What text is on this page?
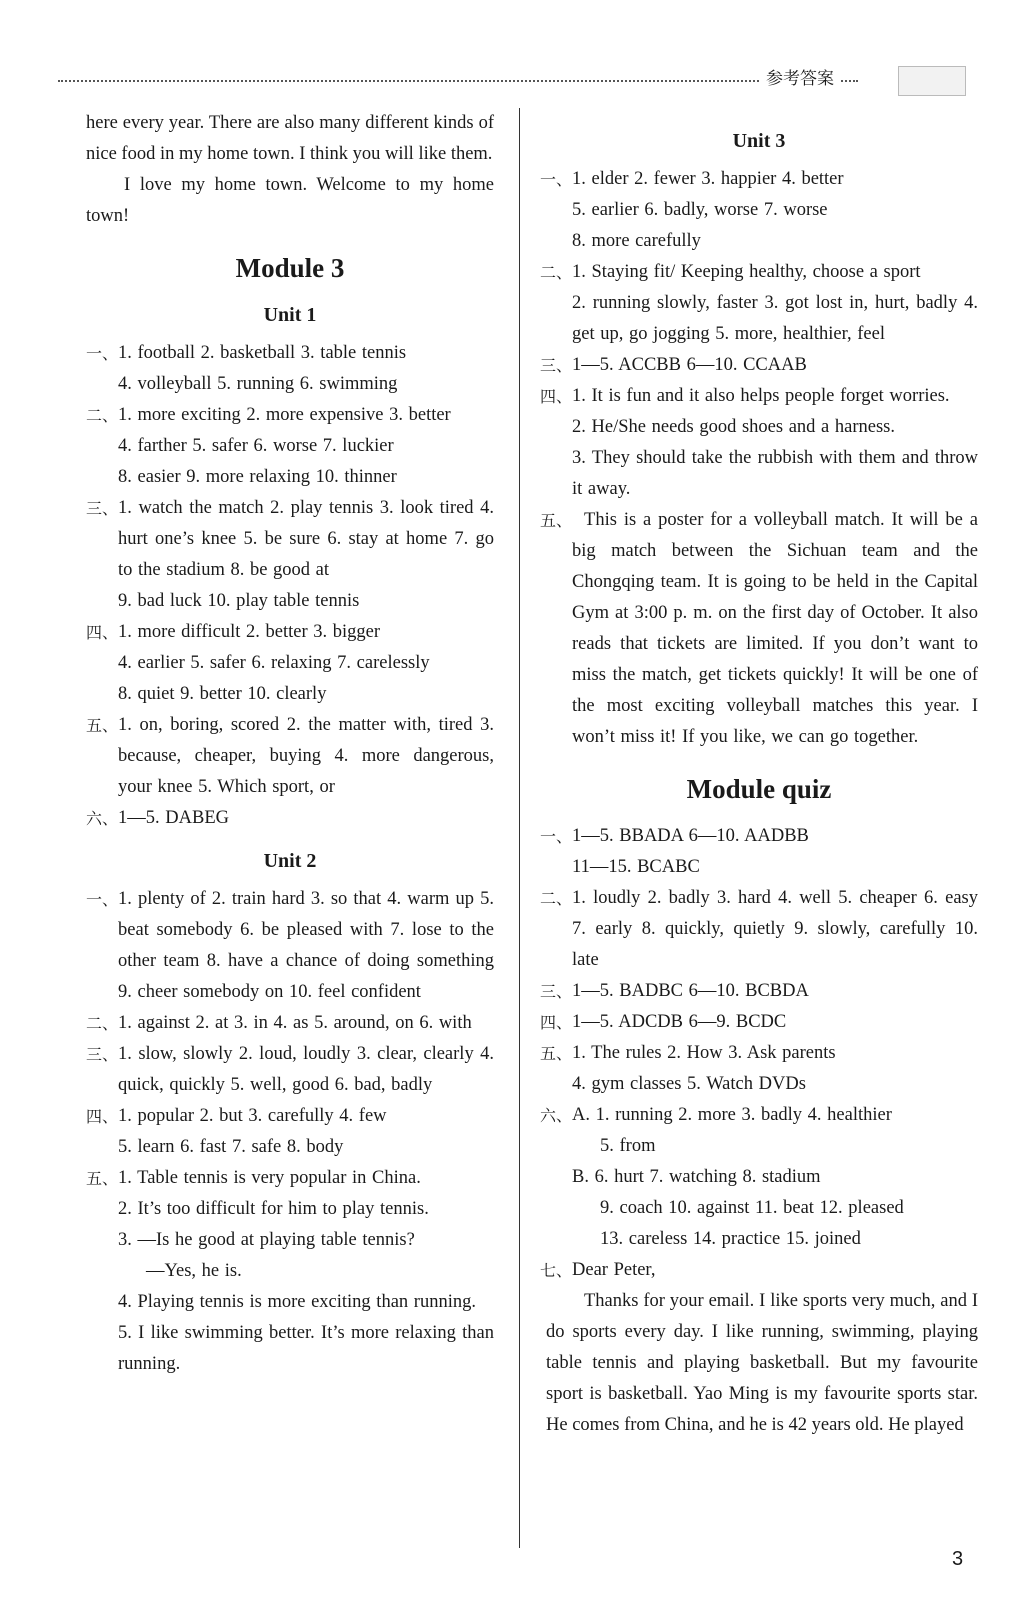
参考答案

here every year. There are also many different kinds of nice food in my home town. I think you will like them.

I love my home town. Welcome to my home town!

Module 3
Unit 1
一、 1. football 2. basketball 3. table tennis

4. volleyball 5. running 6. swimming

二、 1. more exciting 2. more expensive 3. better

4. farther 5. safer 6. worse 7. luckier

8. easier 9. more relaxing 10. thinner

三、 1. watch the match 2. play tennis 3. look tired 4. hurt one’s knee 5. be sure 6. stay at home 7. go to the stadium 8. be good at

9. bad luck 10. play table tennis

四、 1. more difficult 2. better 3. bigger

4. earlier 5. safer 6. relaxing 7. carelessly

8. quiet 9. better 10. clearly

五、 1. on, boring, scored 2. the matter with, tired 3. because, cheaper, buying 4. more dangerous, your knee 5. Which sport, or

六、 1—5. DABEG

Unit 2
一、 1. plenty of 2. train hard 3. so that 4. warm up 5. beat somebody 6. be pleased with 7. lose to the other team 8. have a chance of doing something 9. cheer somebody on 10. feel confident

二、 1. against 2. at 3. in 4. as 5. around, on 6. with

三、 1. slow, slowly 2. loud, loudly 3. clear, clearly 4. quick, quickly 5. well, good 6. bad, badly

四、 1. popular 2. but 3. carefully 4. few

5. learn 6. fast 7. safe 8. body

五、 1. Table tennis is very popular in China.

2. It’s too difficult for him to play tennis.

3. —Is he good at playing table tennis?

—Yes, he is.

4. Playing tennis is more exciting than running.

5. I like swimming better. It’s more relaxing than running.

Unit 3
一、 1. elder 2. fewer 3. happier 4. better

5. earlier 6. badly, worse 7. worse

8. more carefully

二、 1. Staying fit/ Keeping healthy, choose a sport

2. running slowly, faster 3. got lost in, hurt, badly 4. get up, go jogging 5. more, healthier, feel

三、 1—5. ACCBB 6—10. CCAAB

四、 1. It is fun and it also helps people forget worries.

2. He/She needs good shoes and a harness.

3. They should take the rubbish with them and throw it away.

五、 This is a poster for a volleyball match. It will be a big match between the Sichuan team and the Chongqing team. It is going to be held in the Capital Gym at 3:00 p. m. on the first day of October. It also reads that tickets are limited. If you don’t want to miss the match, get tickets quickly! It will be one of the most exciting volleyball matches this year. I won’t miss it! If you like, we can go together.

Module quiz
一、 1—5. BBADA 6—10. AADBB

11—15. BCABC

二、 1. loudly 2. badly 3. hard 4. well 5. cheaper 6. easy 7. early 8. quickly, quietly 9. slowly, carefully 10. late

三、 1—5. BADBC 6—10. BCBDA

四、 1—5. ADCDB 6—9. BCDC

五、 1. The rules 2. How 3. Ask parents

4. gym classes 5. Watch DVDs

六、 A. 1. running 2. more 3. badly 4. healthier

5. from

B. 6. hurt 7. watching 8. stadium

9. coach 10. against 11. beat 12. pleased

13. careless 14. practice 15. joined

七、 Dear Peter,

Thanks for your email. I like sports very much, and I do sports every day. I like running, swimming, playing table tennis and playing basketball. But my favourite sport is basketball. Yao Ming is my favourite sports star. He comes from China, and he is 42 years old. He played

3
